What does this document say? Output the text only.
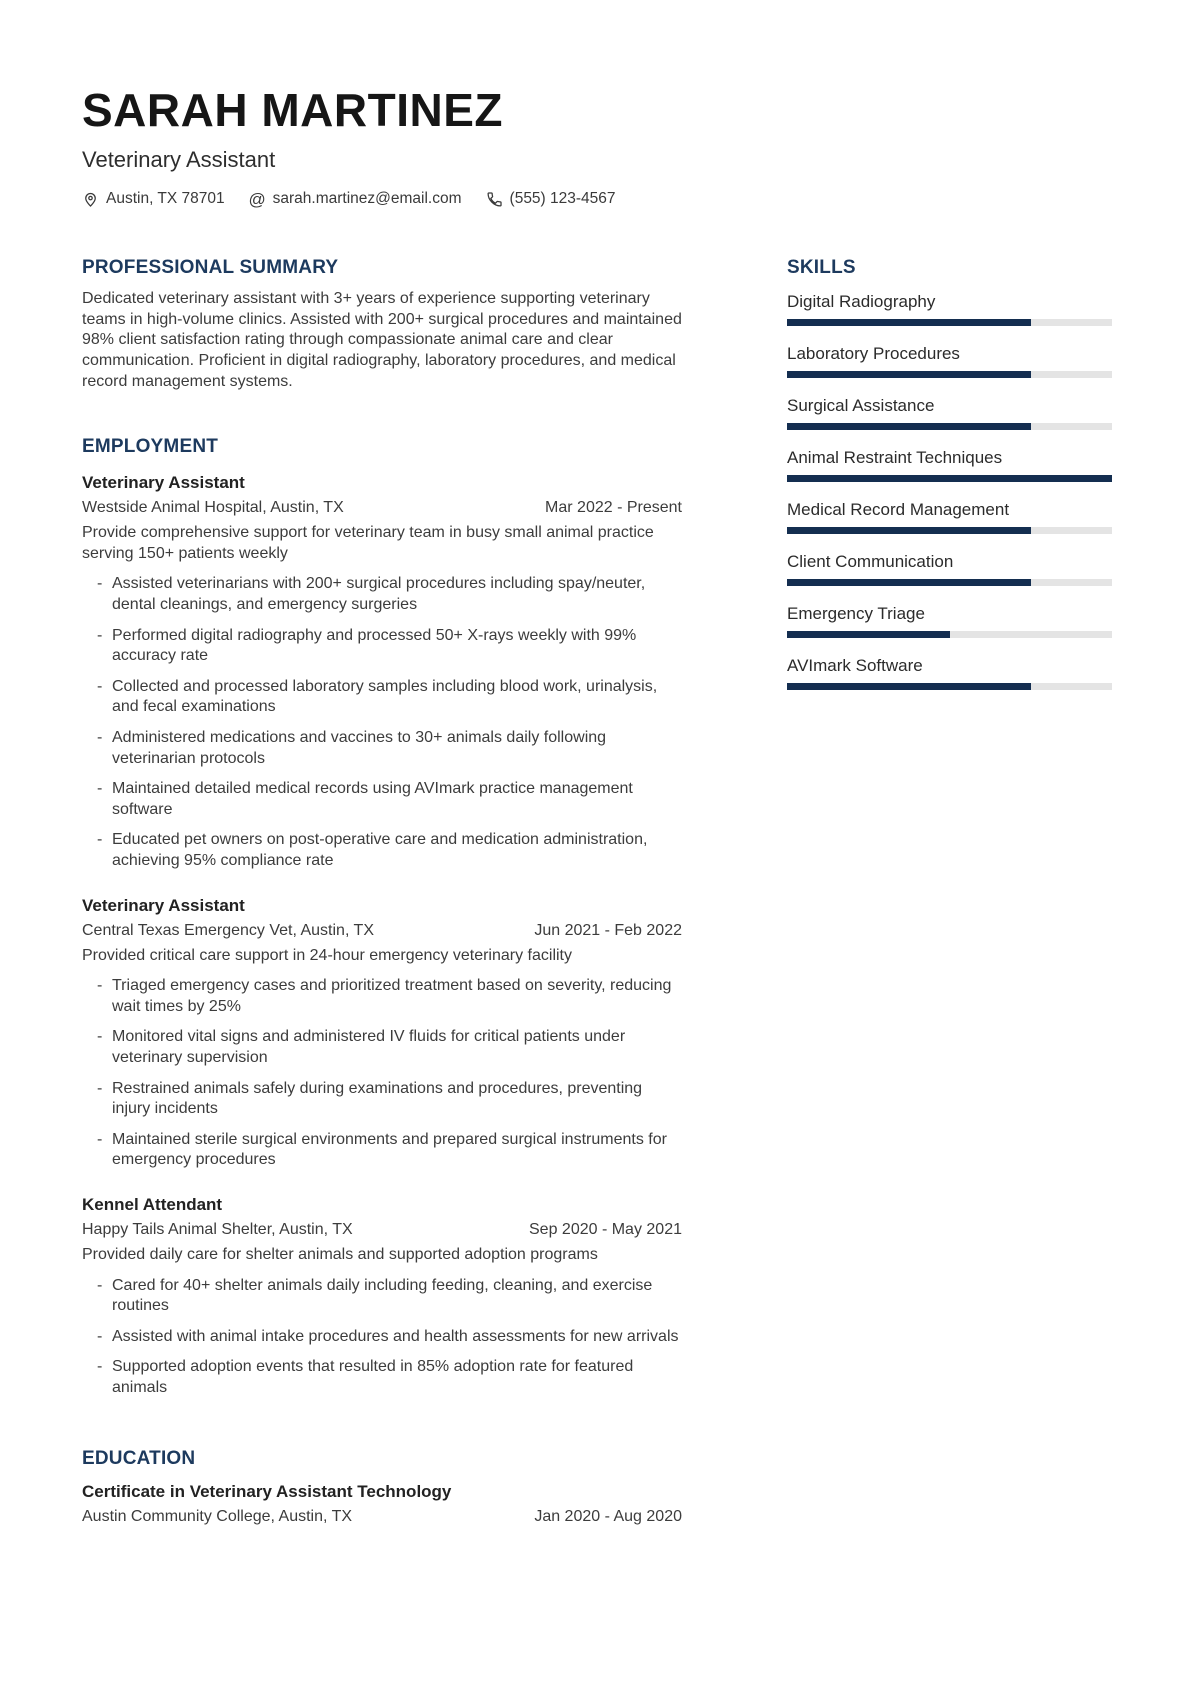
SARAH MARTINEZ
Veterinary Assistant
Austin, TX 78701 @ sarah.martinez@email.com	(555) 123-4567
PROFESSIONAL SUMMARY
Dedicated veterinary assistant with 3+ years of experience supporting veterinary teams in high-volume clinics. Assisted with 200+ surgical procedures and maintained 98% client satisfaction rating through compassionate animal care and clear communication. Proficient in digital radiography, laboratory procedures, and medical record management systems.
EMPLOYMENT
Veterinary Assistant
Westside Animal Hospital, Austin, TX	Mar 2022 - Present
Provide comprehensive support for veterinary team in busy small animal practice serving 150+ patients weekly
- Assisted veterinarians with 200+ surgical procedures including spay/neuter, dental cleanings, and emergency surgeries
- Performed digital radiography and processed 50+ X-rays weekly with 99% accuracy rate
- Collected and processed laboratory samples including blood work, urinalysis, and fecal examinations
- Administered medications and vaccines to 30+ animals daily following veterinarian protocols
- Maintained detailed medical records using AVImark practice management software
- Educated pet owners on post-operative care and medication administration, achieving 95% compliance rate
Veterinary Assistant
Central Texas Emergency Vet, Austin, TX	Jun 2021 - Feb 2022
Provided critical care support in 24-hour emergency veterinary facility
- Triaged emergency cases and prioritized treatment based on severity, reducing wait times by 25%
- Monitored vital signs and administered IV fluids for critical patients under veterinary supervision
- Restrained animals safely during examinations and procedures, preventing injury incidents
- Maintained sterile surgical environments and prepared surgical instruments for emergency procedures
Kennel Attendant
Happy Tails Animal Shelter, Austin, TX	Sep 2020 - May 2021
Provided daily care for shelter animals and supported adoption programs
- Cared for 40+ shelter animals daily including feeding, cleaning, and exercise routines
- Assisted with animal intake procedures and health assessments for new arrivals
- Supported adoption events that resulted in 85% adoption rate for featured animals
EDUCATION
Certificate in Veterinary Assistant Technology
Austin Community College, Austin, TX	Jan 2020 - Aug 2020
SKILLS
Digital Radiography
Laboratory Procedures
Surgical Assistance
Animal Restraint Techniques
Medical Record Management
Client Communication
Emergency Triage
AVImark Software
